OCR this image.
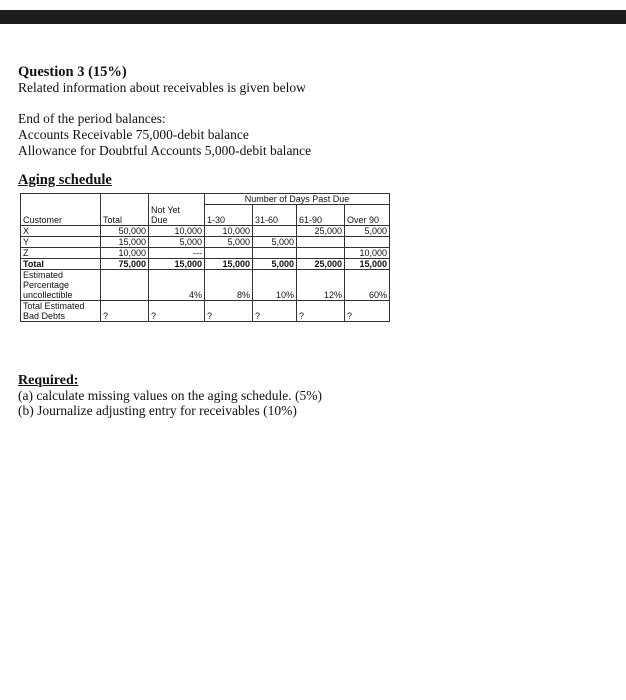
Question 3 (15%)
Related information about receivables is given below
End of the period balances:
Accounts Receivable 75,000-debit balance
Allowance for Doubtful Accounts 5,000-debit balance
Aging schedule
			Number of Days Past Due			
		Not Yet				
Customer	Total	Due	1-30	31-60	61-90	Over 90
X	50,000	10,000	10,000		25,000	5,000
Y	15,000	5,000	5,000	5,000		
Z	10,000	---				10,000
Total	75,000	15,000	15,000	5,000	25,000	15,000
Estimated						
Percentage						
uncollectible		4%	8%	10%	12%	60%
Total Estimated						
Bad Debts	?	?	?	?	?	?
Required:
(a) calculate missing values on the aging schedule. (5%)
(b) Journalize adjusting entry for receivables (10%)
